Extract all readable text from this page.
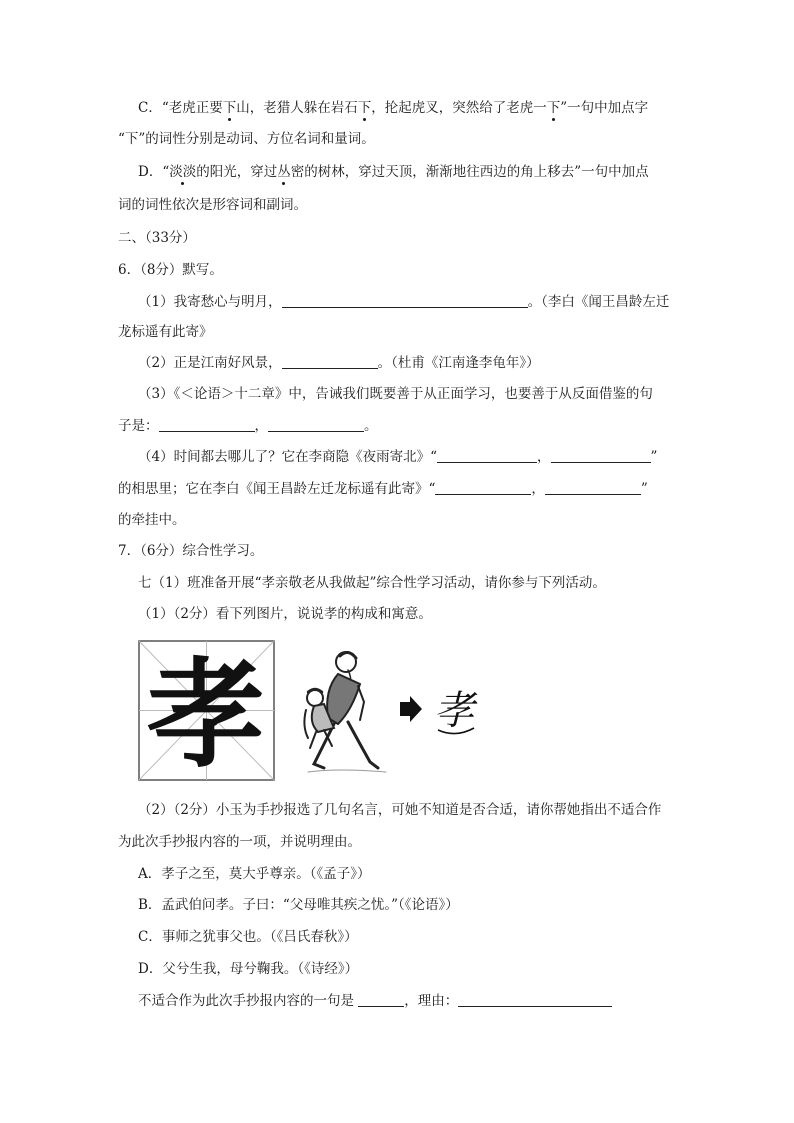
C．“老虎正要下山，老猎人躲在岩石下，抡起虎叉，突然给了老虎一下”一句中加点字
“下”的词性分别是动词、方位名词和量词。
D．“淡淡的阳光，穿过丛密的树林，穿过天顶，渐渐地往西边的角上移去”一句中加点
词的词性依次是形容词和副词。
二、（33分）
6．（8分）默写。
（1）我寄愁心与明月，	。（李白《闻王昌龄左迁
龙标遥有此寄》
（2）正是江南好风景，	。（杜甫《江南逢李龟年》）
（3）《＜论语＞十二章》中，告诫我们既要善于从正面学习，也要善于从反面借鉴的句
子是：	，	。
（4）时间都去哪儿了？它在李商隐《夜雨寄北》“	，	”
的相思里；它在李白《闻王昌龄左迁龙标遥有此寄》“	，	”
的牵挂中。
7．（6分）综合性学习。
七（1）班准备开展“孝亲敬老从我做起”综合性学习活动，请你参与下列活动。
（1）（2分）看下列图片，说说孝的构成和寓意。
孝	孝
（2）（2分）小玉为手抄报选了几句名言，可她不知道是否合适，请你帮她指出不适合作
为此次手抄报内容的一项，并说明理由。
A．孝子之至，莫大乎尊亲。（《孟子》）
B．孟武伯问孝。子曰：“父母唯其疾之忧。”（《论语》）
C．事师之犹事父也。（《吕氏春秋》）
D．父兮生我，母兮鞠我。（《诗经》）
不适合作为此次手抄报内容的一句是	，理由：
